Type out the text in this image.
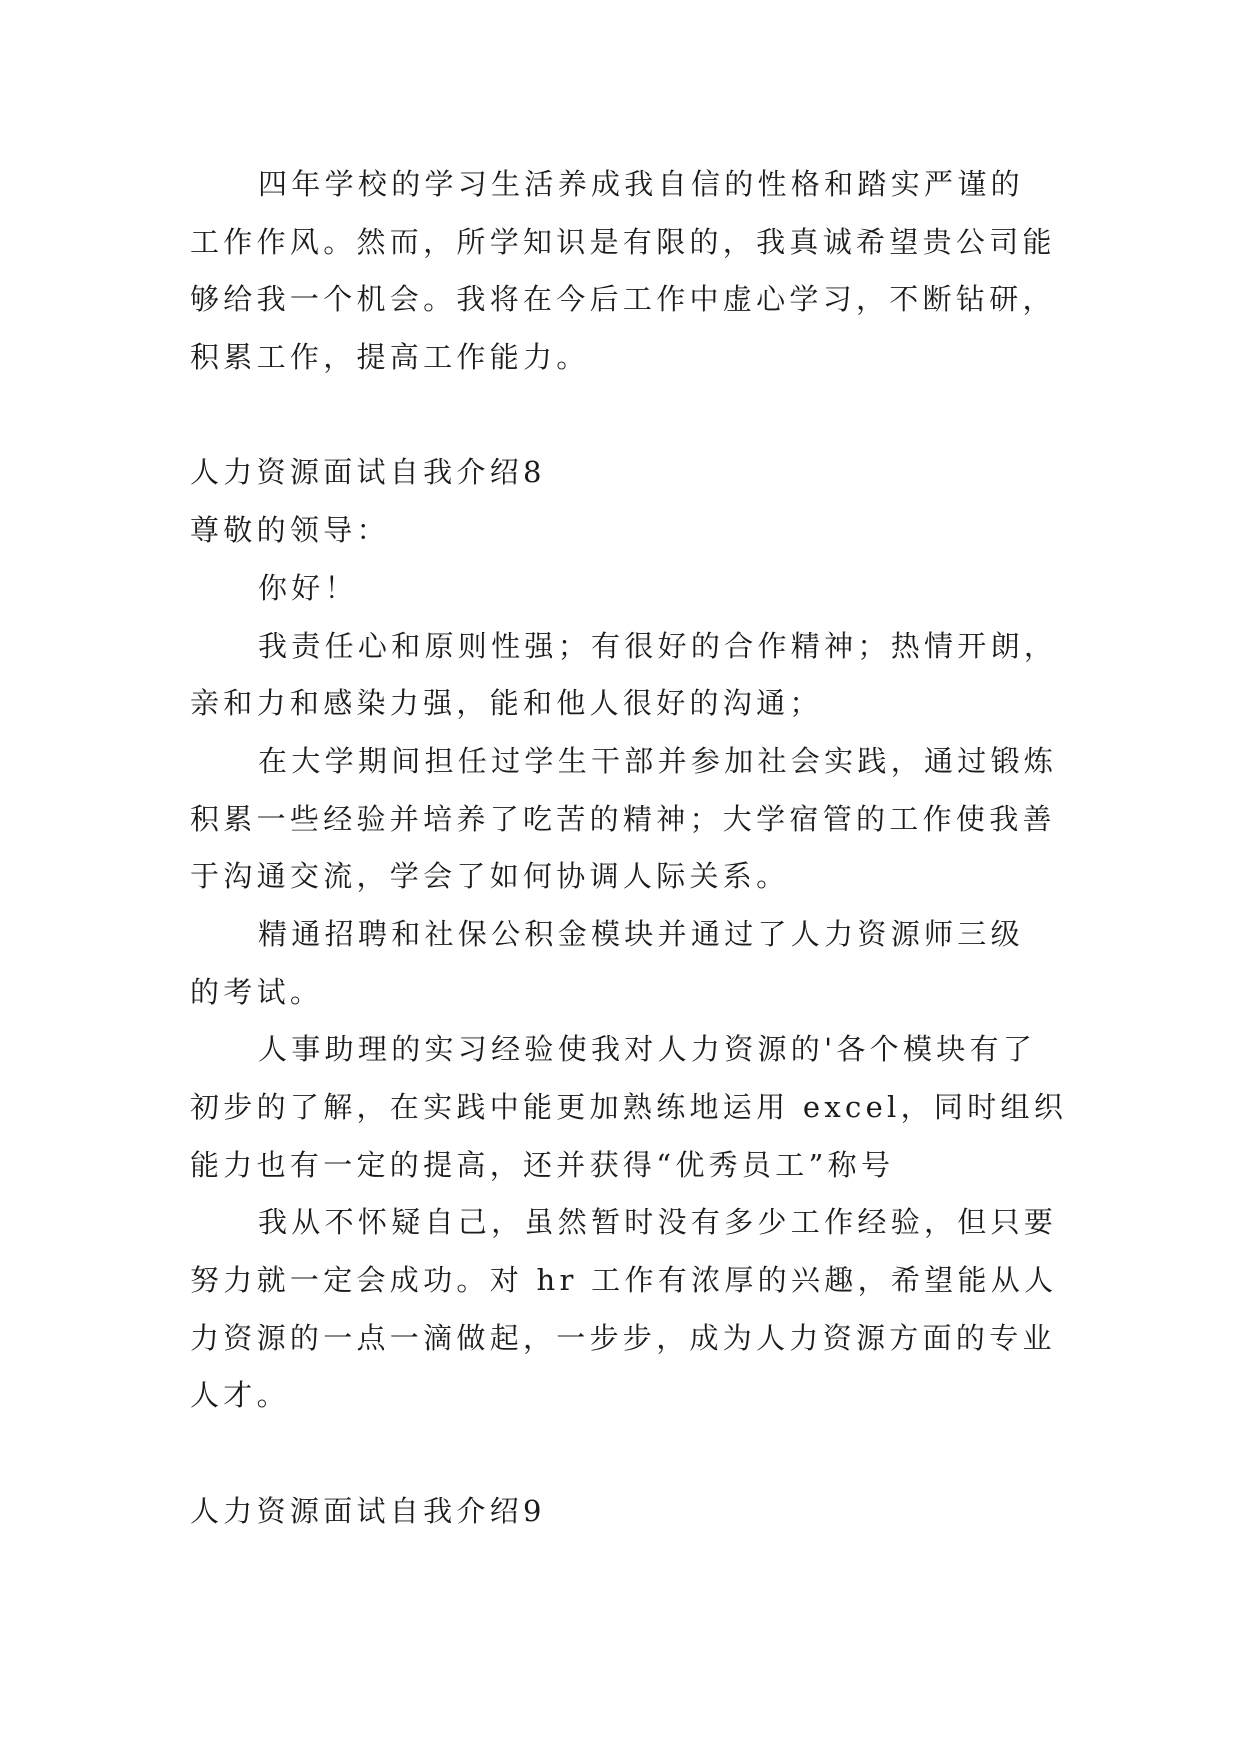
四年学校的学习生活养成我自信的性格和踏实严谨的
工作作风。然而，所学知识是有限的，我真诚希望贵公司能
够给我一个机会。我将在今后工作中虚心学习，不断钻研，
积累工作，提高工作能力。
人力资源面试自我介绍8
尊敬的领导：
你好！
我责任心和原则性强；有很好的合作精神；热情开朗，
亲和力和感染力强，能和他人很好的沟通；
在大学期间担任过学生干部并参加社会实践，通过锻炼
积累一些经验并培养了吃苦的精神；大学宿管的工作使我善
于沟通交流，学会了如何协调人际关系。
精通招聘和社保公积金模块并通过了人力资源师三级
的考试。
人事助理的实习经验使我对人力资源的'各个模块有了
初步的了解，在实践中能更加熟练地运用 excel，同时组织
能力也有一定的提高，还并获得“优秀员工”称号
我从不怀疑自己，虽然暂时没有多少工作经验，但只要
努力就一定会成功。对 hr 工作有浓厚的兴趣，希望能从人
力资源的一点一滴做起，一步步，成为人力资源方面的专业
人才。
人力资源面试自我介绍9
